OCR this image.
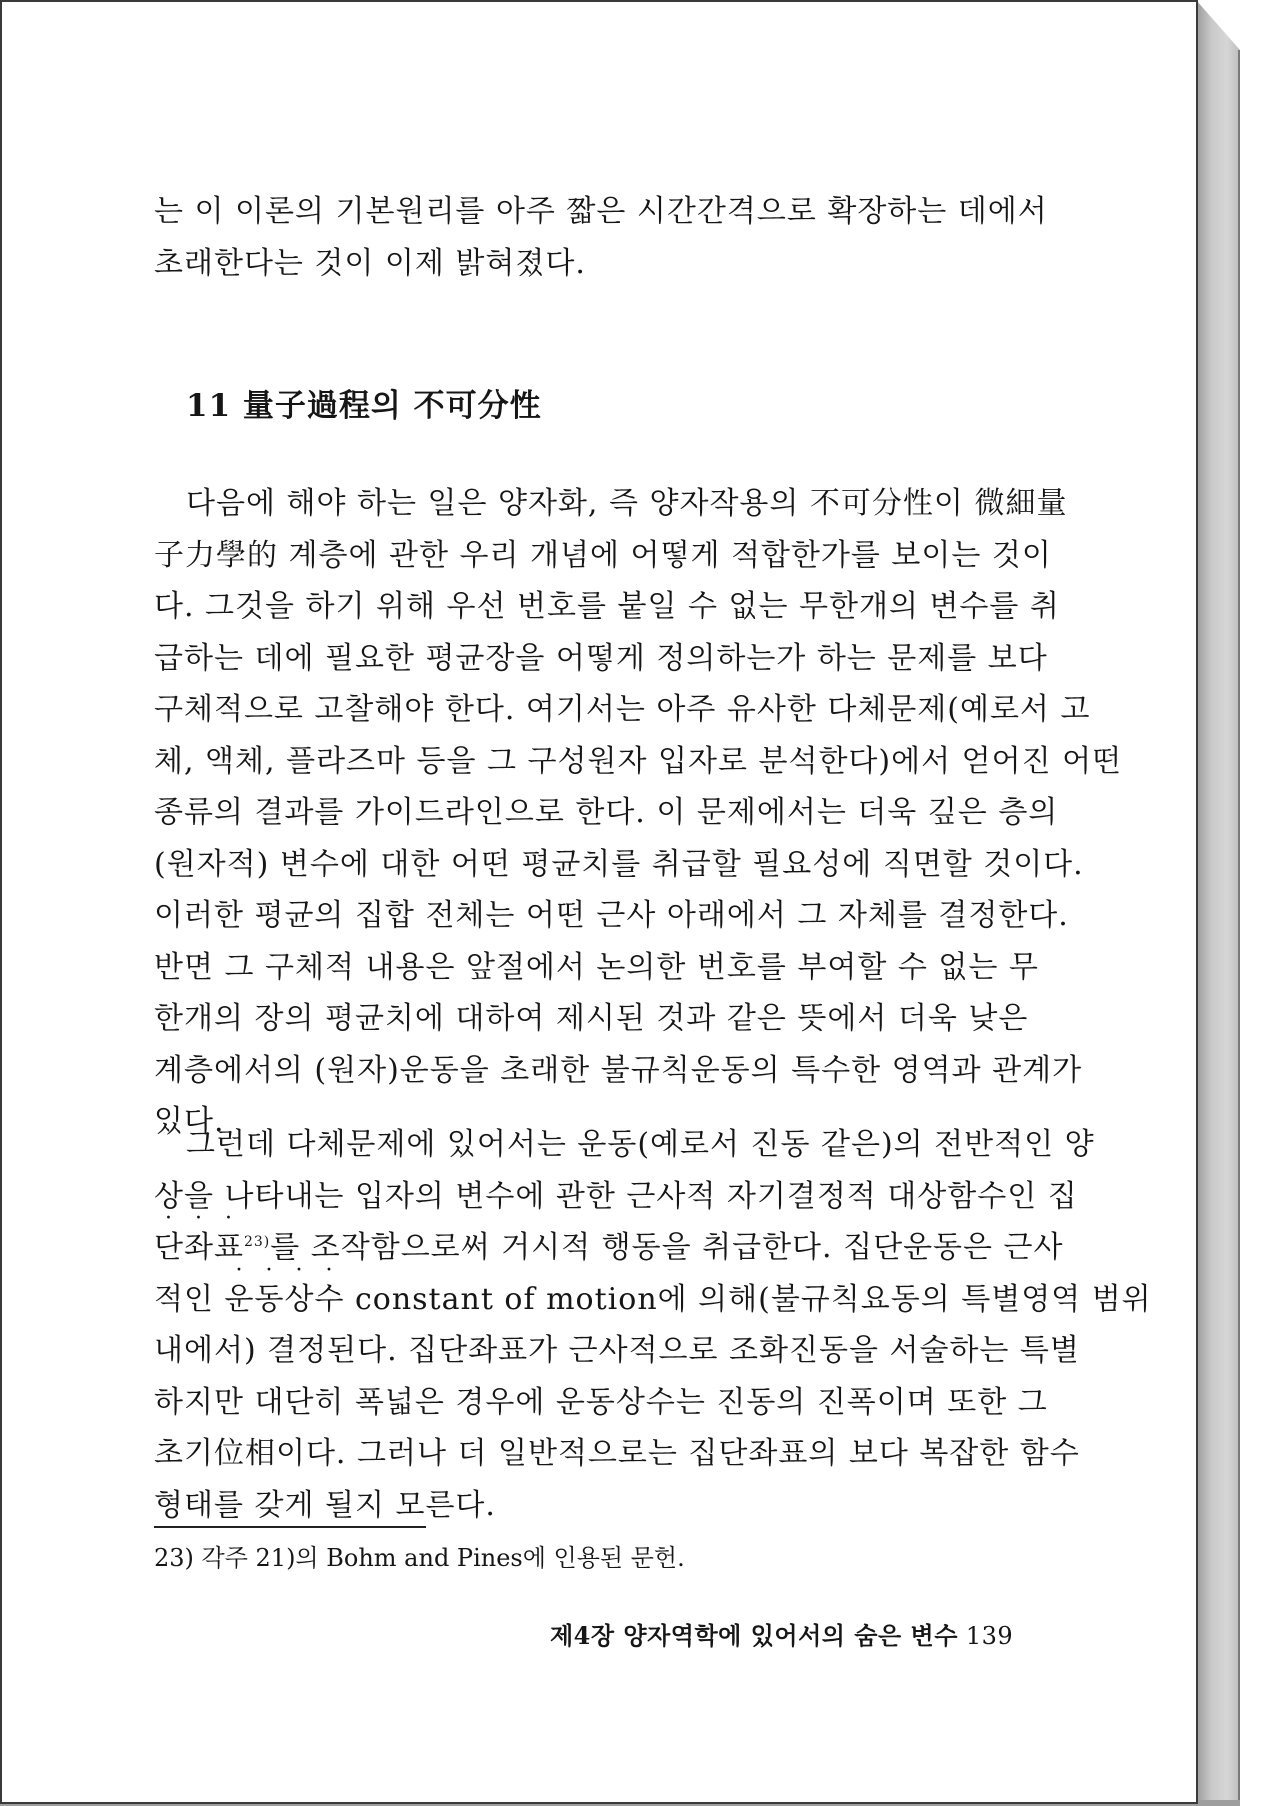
는 이 이론의 기본원리를 아주 짧은 시간간격으로 확장하는 데에서
초래한다는 것이 이제 밝혀졌다.
11 量子過程의 不可分性
다음에 해야 하는 일은 양자화, 즉 양자작용의 不可分性이 微細量
子力學的 계층에 관한 우리 개념에 어떻게 적합한가를 보이는 것이
다. 그것을 하기 위해 우선 번호를 붙일 수 없는 무한개의 변수를 취
급하는 데에 필요한 평균장을 어떻게 정의하는가 하는 문제를 보다
구체적으로 고찰해야 한다. 여기서는 아주 유사한 다체문제(예로서 고
체, 액체, 플라즈마 등을 그 구성원자 입자로 분석한다)에서 얻어진 어떤
종류의 결과를 가이드라인으로 한다. 이 문제에서는 더욱 깊은 층의
(원자적) 변수에 대한 어떤 평균치를 취급할 필요성에 직면할 것이다.
이러한 평균의 집합 전체는 어떤 근사 아래에서 그 자체를 결정한다.
반면 그 구체적 내용은 앞절에서 논의한 번호를 부여할 수 없는 무
한개의 장의 평균치에 대하여 제시된 것과 같은 뜻에서 더욱 낮은
계층에서의 (원자)운동을 초래한 불규칙운동의 특수한 영역과 관계가
있다.
그런데 다체문제에 있어서는 운동(예로서 진동 같은)의 전반적인 양
상을 나타내는 입자의 변수에 관한 근사적 자기결정적 대상함수인 집
단좌표$^{23)}$를 조작함으로써 거시적 행동을 취급한다. 집단운동은 근사
적인 운동상수 constant of motion에 의해(불규칙요동의 특별영역 범위
내에서) 결정된다. 집단좌표가 근사적으로 조화진동을 서술하는 특별
하지만 대단히 폭넓은 경우에 운동상수는 진동의 진폭이며 또한 그
초기位相이다. 그러나 더 일반적으로는 집단좌표의 보다 복잡한 함수
형태를 갖게 될지 모른다.
23) 각주 21)의 Bohm and Pines에 인용된 문헌.
제4장 양자역학에 있어서의 숨은 변수 139
